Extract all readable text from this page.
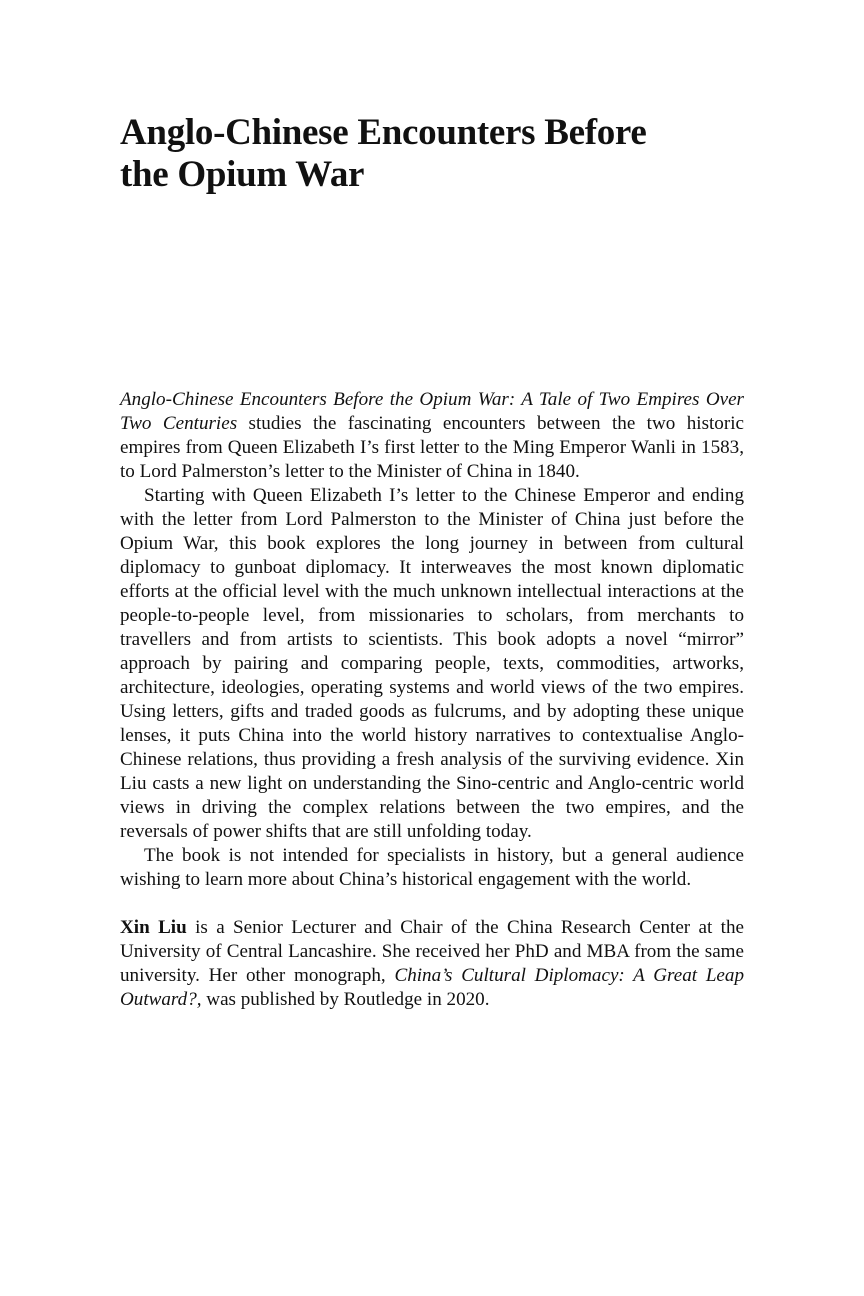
Anglo-Chinese Encounters Before
the Opium War

Anglo-Chinese Encounters Before the Opium War: A Tale of Two Empires Over Two Centuries studies the fascinating encounters between the two historic empires from Queen Elizabeth I’s first letter to the Ming Emperor Wanli in 1583, to Lord Palmerston’s letter to the Minister of China in 1840.

Starting with Queen Elizabeth I’s letter to the Chinese Emperor and ending with the letter from Lord Palmerston to the Minister of China just before the Opium War, this book explores the long journey in between from cultural diplomacy to gunboat diplomacy. It interweaves the most known diplomatic efforts at the official level with the much unknown intellectual interactions at the people-to-people level, from missionaries to scholars, from merchants to travellers and from artists to scientists. This book adopts a novel “mirror” approach by pairing and comparing people, texts, commodities, artworks, architecture, ideologies, operating systems and world views of the two empires. Using letters, gifts and traded goods as fulcrums, and by adopting these unique lenses, it puts China into the world history narratives to contextualise Anglo-Chinese relations, thus providing a fresh analysis of the surviving evidence. Xin Liu casts a new light on understanding the Sino-centric and Anglo-centric world views in driving the complex relations between the two empires, and the reversals of power shifts that are still unfolding today.

The book is not intended for specialists in history, but a general audience wishing to learn more about China’s historical engagement with the world.

Xin Liu is a Senior Lecturer and Chair of the China Research Center at the University of Central Lancashire. She received her PhD and MBA from the same university. Her other monograph, China’s Cultural Diplomacy: A Great Leap Outward?, was published by Routledge in 2020.
